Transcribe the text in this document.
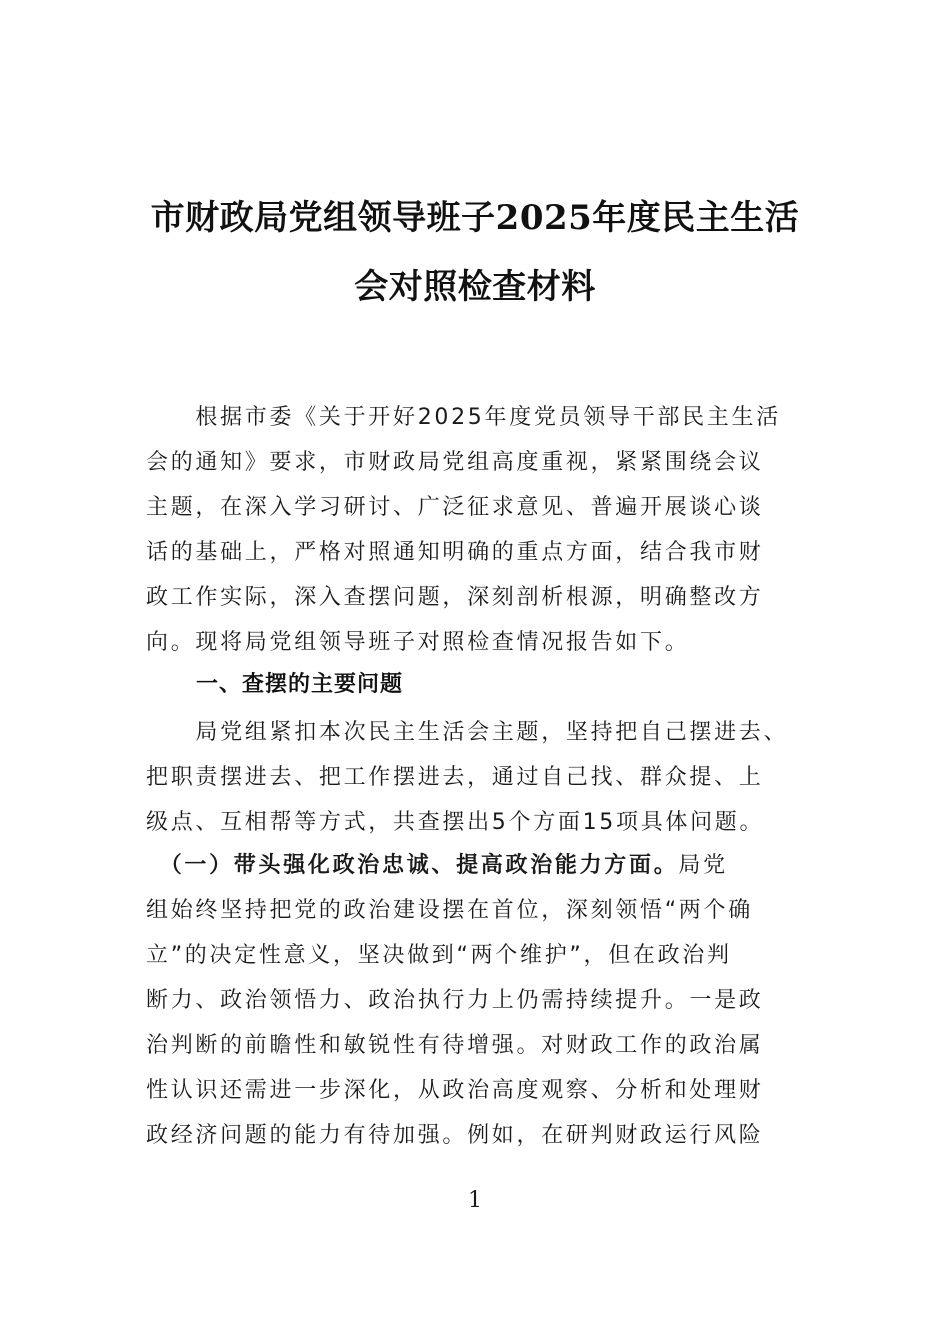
市财政局党组领导班子2025年度民主生活
会对照检查材料
　　根据市委《关于开好2025年度党员领导干部民主生活
会的通知》要求，市财政局党组高度重视，紧紧围绕会议
主题，在深入学习研讨、广泛征求意见、普遍开展谈心谈
话的基础上，严格对照通知明确的重点方面，结合我市财
政工作实际，深入查摆问题，深刻剖析根源，明确整改方
向。现将局党组领导班子对照检查情况报告如下。
一、查摆的主要问题
　　局党组紧扣本次民主生活会主题，坚持把自己摆进去、
把职责摆进去、把工作摆进去，通过自己找、群众提、上
级点、互相帮等方式，共查摆出5个方面15项具体问题。
　（一）带头强化政治忠诚、提高政治能力方面。局党
组始终坚持把党的政治建设摆在首位，深刻领悟“两个确
立”的决定性意义，坚决做到“两个维护”，但在政治判
断力、政治领悟力、政治执行力上仍需持续提升。一是政
治判断的前瞻性和敏锐性有待增强。对财政工作的政治属
性认识还需进一步深化，从政治高度观察、分析和处理财
政经济问题的能力有待加强。例如，在研判财政运行风险
1
